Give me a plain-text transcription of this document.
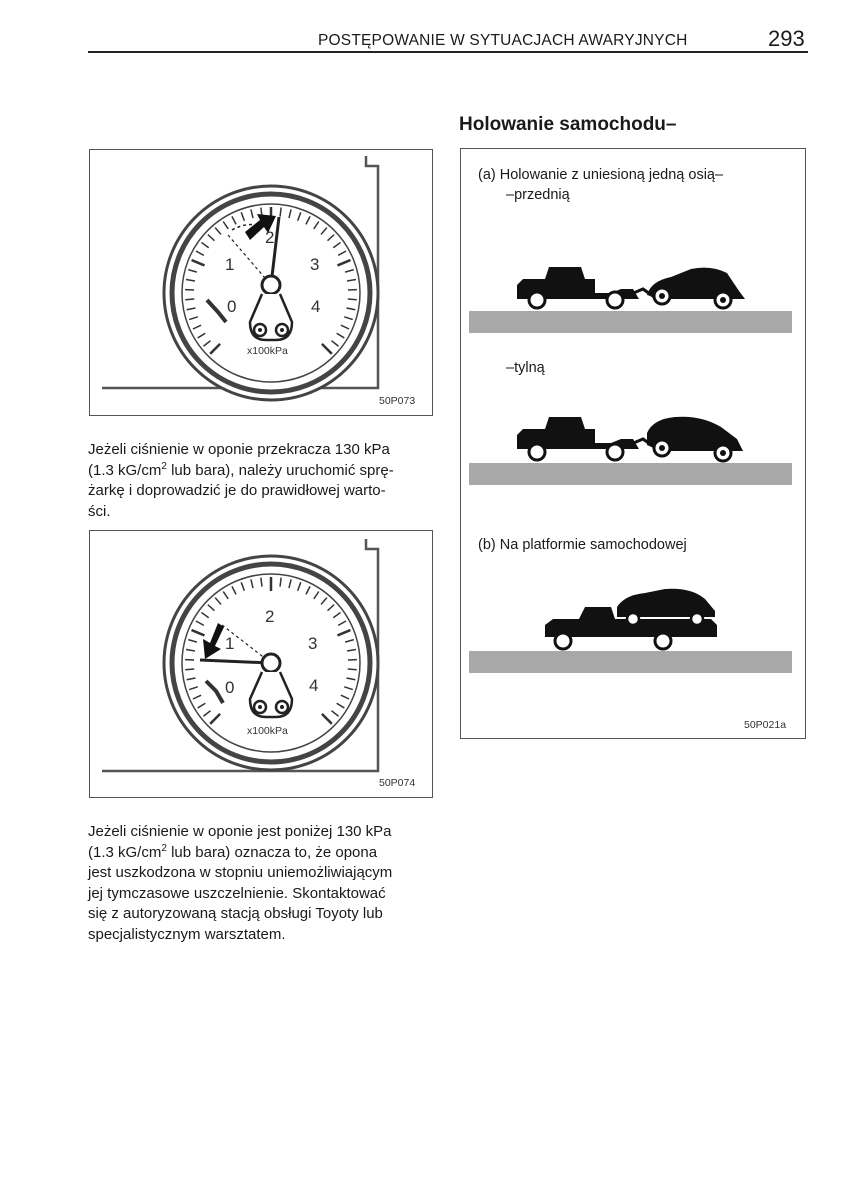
POSTĘPOWANIE W SYTUACJACH AWARYJNYCH	293
Holowanie samochodu–
0
1
2
3
4
x100kPa
50P073
Jeżeli ciśnienie w oponie przekracza 130 kPa
(1.3 $kG/cm^2$ lub bara), należy uruchomić sprę-
żarkę i doprowadzić je do prawidłowej warto-
ści.
0
1
2
3
4
x100kPa
50P074
Jeżeli ciśnienie w oponie jest poniżej 130 kPa
(1.3 $kG/cm^2$ lub bara) oznacza to, że opona
jest uszkodzona w stopniu uniemożliwiającym
jej tymczasowe uszczelnienie. Skontaktować
się z autoryzowaną stacją obsługi Toyoty lub
specjalistycznym warsztatem.
(a) Holowanie z uniesioną jedną osią–
–przednią
–tylną
(b) Na platformie samochodowej
50P021a
